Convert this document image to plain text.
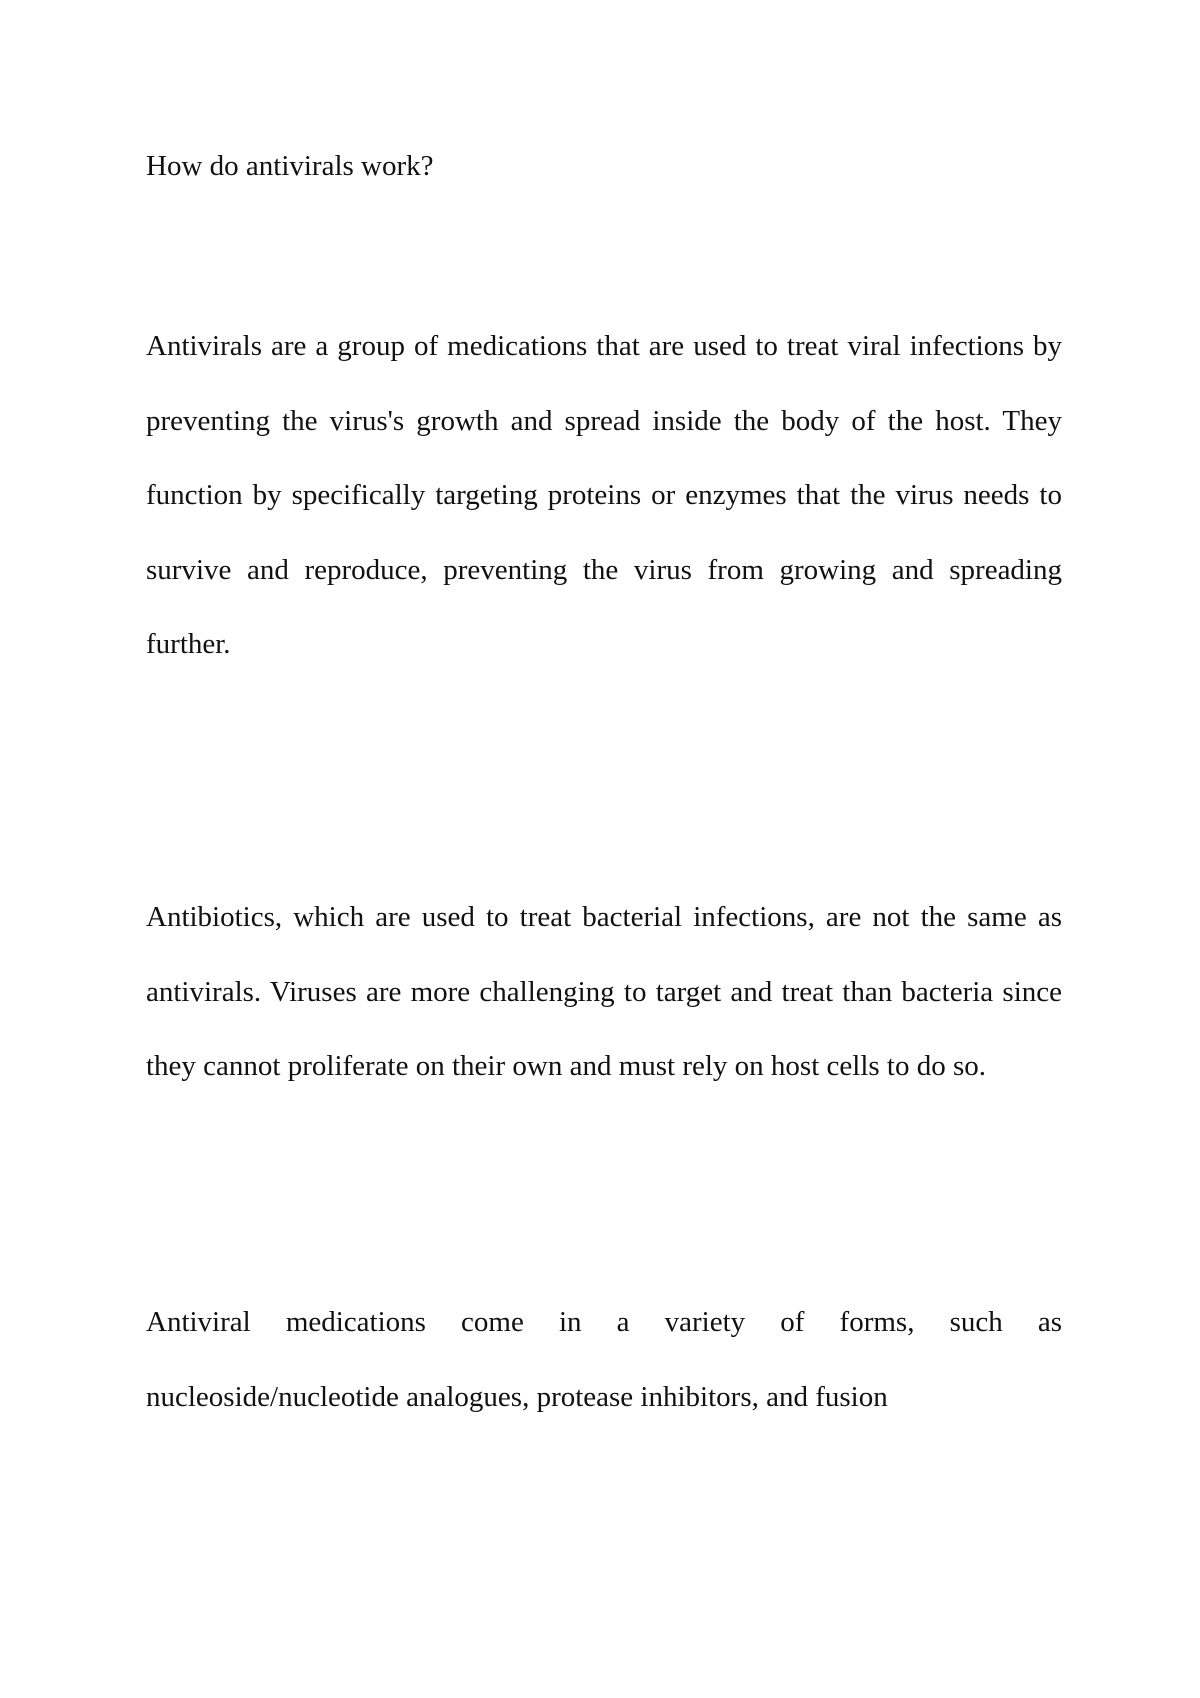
How do antivirals work?

Antivirals are a group of medications that are used to treat viral infections by preventing the virus's growth and spread inside the body of the host. They function by specifically targeting proteins or enzymes that the virus needs to survive and reproduce, preventing the virus from growing and spreading further.

Antibiotics, which are used to treat bacterial infections, are not the same as antivirals. Viruses are more challenging to target and treat than bacteria since they cannot proliferate on their own and must rely on host cells to do so.

Antiviral medications come in a variety of forms, such as nucleoside/nucleotide analogues, protease inhibitors, and fusion
